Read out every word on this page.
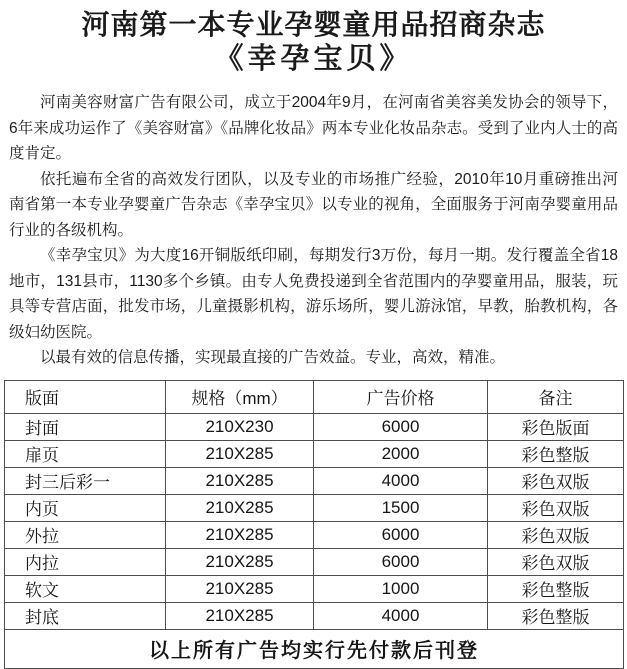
河南第一本专业孕婴童用品招商杂志
《幸孕宝贝》

河南美容财富广告有限公司，成立于2004年9月，在河南省美容美发协会的领导下，6年来成功运作了《美容财富》《品牌化妆品》两本专业化妆品杂志。受到了业内人士的高度肯定。

依托遍布全省的高效发行团队，以及专业的市场推广经验，2010年10月重磅推出河南省第一本专业孕婴童广告杂志《幸孕宝贝》以专业的视角，全面服务于河南孕婴童用品行业的各级机构。

《幸孕宝贝》为大度16开铜版纸印刷，每期发行3万份，每月一期。发行覆盖全省18地市，131县市，1130多个乡镇。由专人免费投递到全省范围内的孕婴童用品，服装，玩具等专营店面，批发市场，儿童摄影机构，游乐场所，婴儿游泳馆，早教，胎教机构，各级妇幼医院。

以最有效的信息传播，实现最直接的广告效益。专业，高效，精准。

版面	规格（mm）	广告价格	备注
封面	210X230	6000	彩色版面
扉页	210X285	2000	彩色整版
封三后彩一	210X285	4000	彩色双版
内页	210X285	1500	彩色双版
外拉	210X285	6000	彩色双版
内拉	210X285	6000	彩色双版
软文	210X285	1000	彩色整版
封底	210X285	4000	彩色整版
以上所有广告均实行先付款后刊登			
